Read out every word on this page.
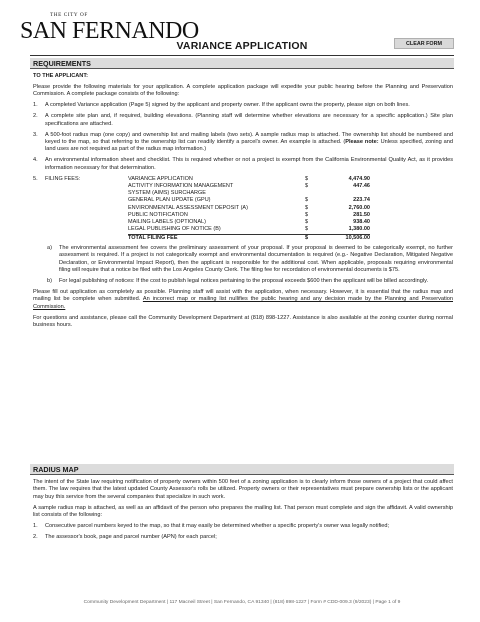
THE CITY OF
SAN FERNANDO
VARIANCE APPLICATION	CLEAR FORM
REQUIREMENTS
TO THE APPLICANT:
Please provide the following materials for your application. A complete application package will expedite your public hearing before the Planning and Preservation Commission. A complete package consists of the following:
1.	A completed Variance application (Page 5) signed by the applicant and property owner. If the applicant owns the property, please sign on both lines.
2.	A complete site plan and, if required, building elevations. (Planning staff will determine whether elevations are necessary for a specific application.) Site plan specifications are attached.
3.	A 500-foot radius map (one copy) and ownership list and mailing labels (two sets). A sample radius map is attached. The ownership list should be numbered and keyed to the map, so that referring to the ownership list can readily identify a parcel's owner. An example is attached. (Please note: Unless specified, zoning and land uses are not required as part of the radius map information.)
4.	An environmental information sheet and checklist. This is required whether or not a project is exempt from the California Environmental Quality Act, as it provides information necessary for that determination.
5.	FILING FEES:	VARIANCE APPLICATION	$	4,474.90
	ACTIVITY INFORMATION MANAGEMENT	$	447.46
	SYSTEM (AIMS) SURCHARGE		
	GENERAL PLAN UPDATE (GPU)	$	223.74
	ENVIRONMENTAL ASSESSMENT DEPOSIT (A)	$	2,760.00
	PUBLIC NOTIFICATION	$	281.50
	MAILING LABELS (OPTIONAL)	$	938.40
	LEGAL PUBLISHING OF NOTICE (B)	$	1,380.00
	TOTAL FILING FEE	$	10,506.00
a)	The environmental assessment fee covers the preliminary assessment of your proposal. If your proposal is deemed to be categorically exempt, no further assessment is required. If a project is not categorically exempt and environmental documentation is required (e.g.- Negative Declaration, Mitigated Negative Declaration, or Environmental Impact Report), then the applicant is responsible for the additional cost. When applicable, proposals requiring environmental filing will require that a notice be filed with the Los Angeles County Clerk. The filing fee for recordation of environmental documents is $75.
b)	For legal publishing of notices: If the cost to publish legal notices pertaining to the proposal exceeds $600 then the applicant will be billed accordingly.
Please fill out application as completely as possible. Planning staff will assist with the application, when necessary. However, it is essential that the radius map and mailing list be complete when submitted. An incorrect map or mailing list nullifies the public hearing and any decision made by the Planning and Preservation Commission.
For questions and assistance, please call the Community Development Department at (818) 898-1227. Assistance is also available at the zoning counter during normal business hours.
RADIUS MAP
The intent of the State law requiring notification of property owners within 500 feet of a zoning application is to clearly inform those owners of a project that could affect them. The law requires that the latest updated County Assessor's rolls be utilized. Property owners or their representatives must prepare ownership lists or the applicant may buy this service from the several companies that specialize in such work.
A sample radius map is attached, as well as an affidavit of the person who prepares the mailing list. That person must complete and sign the affidavit. A valid ownership list consists of the following:
1.	Consecutive parcel numbers keyed to the map, so that it may easily be determined whether a specific property's owner was legally notified;
2.	The assessor's book, page and parcel number (APN) for each parcel;
Community Development Department | 117 Macneil Street | San Fernando, CA 91340 | (818) 898-1227 | Form # CDD-009.3 (9/2023) | Page 1 of 9
